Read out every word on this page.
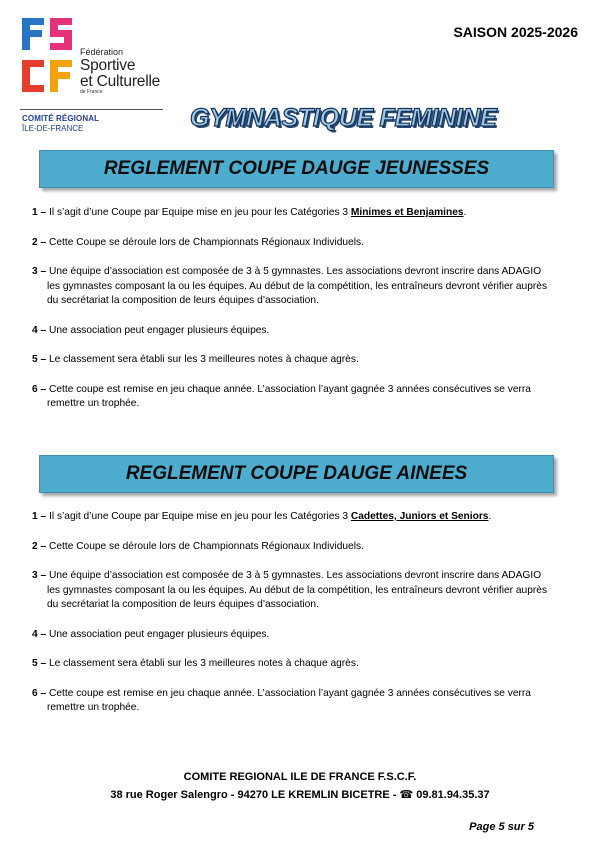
Fédération
Sportive
et Culturelle
de France
COMITÉ RÉGIONAL
ÎLE-DE-FRANCE
SAISON 2025-2026
GYMNASTIQUE FEMININE
REGLEMENT COUPE DAUGE JEUNESSES
1 – Il s’agit d’une Coupe par Equipe mise en jeu pour les Catégories 3 Minimes et Benjamines.
2 – Cette Coupe se déroule lors de Championnats Régionaux Individuels.
3 – Une équipe d’association est composée de 3 à 5 gymnastes. Les associations devront inscrire dans ADAGIO les gymnastes composant la ou les équipes. Au début de la compétition, les entraîneurs devront vérifier auprès du secrétariat la composition de leurs équipes d’association.
4 – Une association peut engager plusieurs équipes.
5 – Le classement sera établi sur les 3 meilleures notes à chaque agrès.
6 – Cette coupe est remise en jeu chaque année. L’association l’ayant gagnée 3 années consécutives se verra remettre un trophée.
REGLEMENT COUPE DAUGE AINEES
1 – Il s’agit d’une Coupe par Equipe mise en jeu pour les Catégories 3 Cadettes, Juniors et Seniors.
2 – Cette Coupe se déroule lors de Championnats Régionaux Individuels.
3 – Une équipe d’association est composée de 3 à 5 gymnastes. Les associations devront inscrire dans ADAGIO les gymnastes composant la ou les équipes. Au début de la compétition, les entraîneurs devront vérifier auprès du secrétariat la composition de leurs équipes d’association.
4 – Une association peut engager plusieurs équipes.
5 – Le classement sera établi sur les 3 meilleures notes à chaque agrès.
6 – Cette coupe est remise en jeu chaque année. L’association l’ayant gagnée 3 années consécutives se verra remettre un trophée.
COMITE REGIONAL ILE DE FRANCE F.S.C.F.
38 rue Roger Salengro - 94270 LE KREMLIN BICETRE - ☎ 09.81.94.35.37
Page 5 sur 5
